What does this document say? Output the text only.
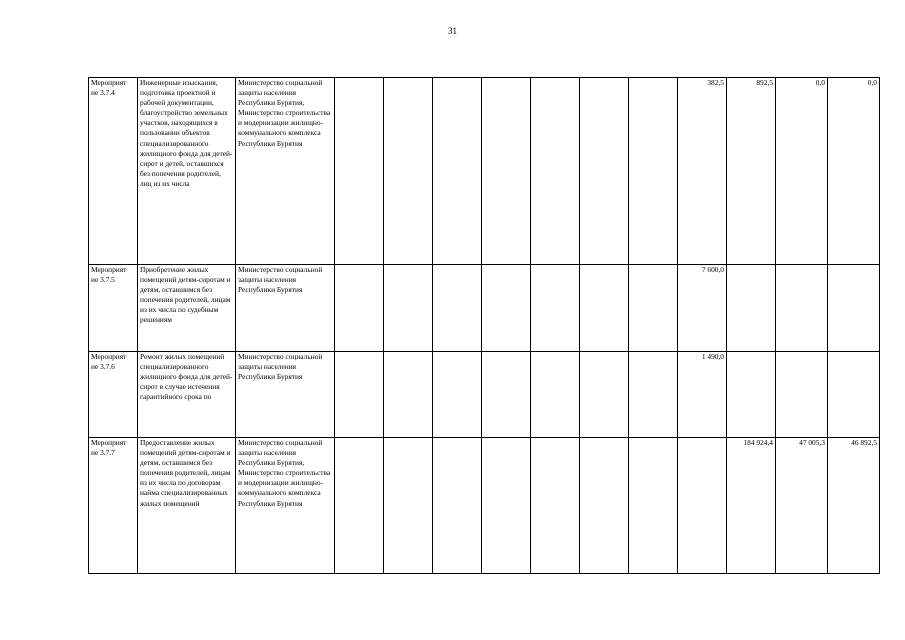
31
Мероприят ие 3.7.4	Инженерные изыскания, подготовка проектной и рабочей документации, благоустройство земельных участков, находящихся в пользовании объектов специализированного жилищного фонда для детей-сирот и детей, оставшихся без попечения родителей, лиц из их числа	Министерство социальной защиты населения Республики Бурятия, Министерство строительства и модернизации жилищно-коммунального комплекса Республики Бурятия								382,5	892,5	0,0	0,0
Мероприят ие 3.7.5	Приобретение жилых помещений детям-сиротам и детям, оставшимся без попечения родителей, лицам из их числа по судебным решениям	Министерство социальной защиты населения Республики Бурятия								7 600,0			
Мероприят ие 3.7.6	Ремонт жилых помещений специализированного жилищного фонда для детей-сирот в случае истечения гарантийного срока по	Министерство социальной защиты населения Республики Бурятия								1 490,0			
Мероприят ие 3.7.7	Предоставление жилых помещений детям-сиротам и детям, оставшимся без попечения родителей, лицам из их числа по договорам найма специализированных жилых помещений	Министерство социальной защиты населения Республики Бурятия, Министерство строительства и модернизации жилищно-коммунального комплекса Республики Бурятия									184 924,4	47 005,3	46 892,5
